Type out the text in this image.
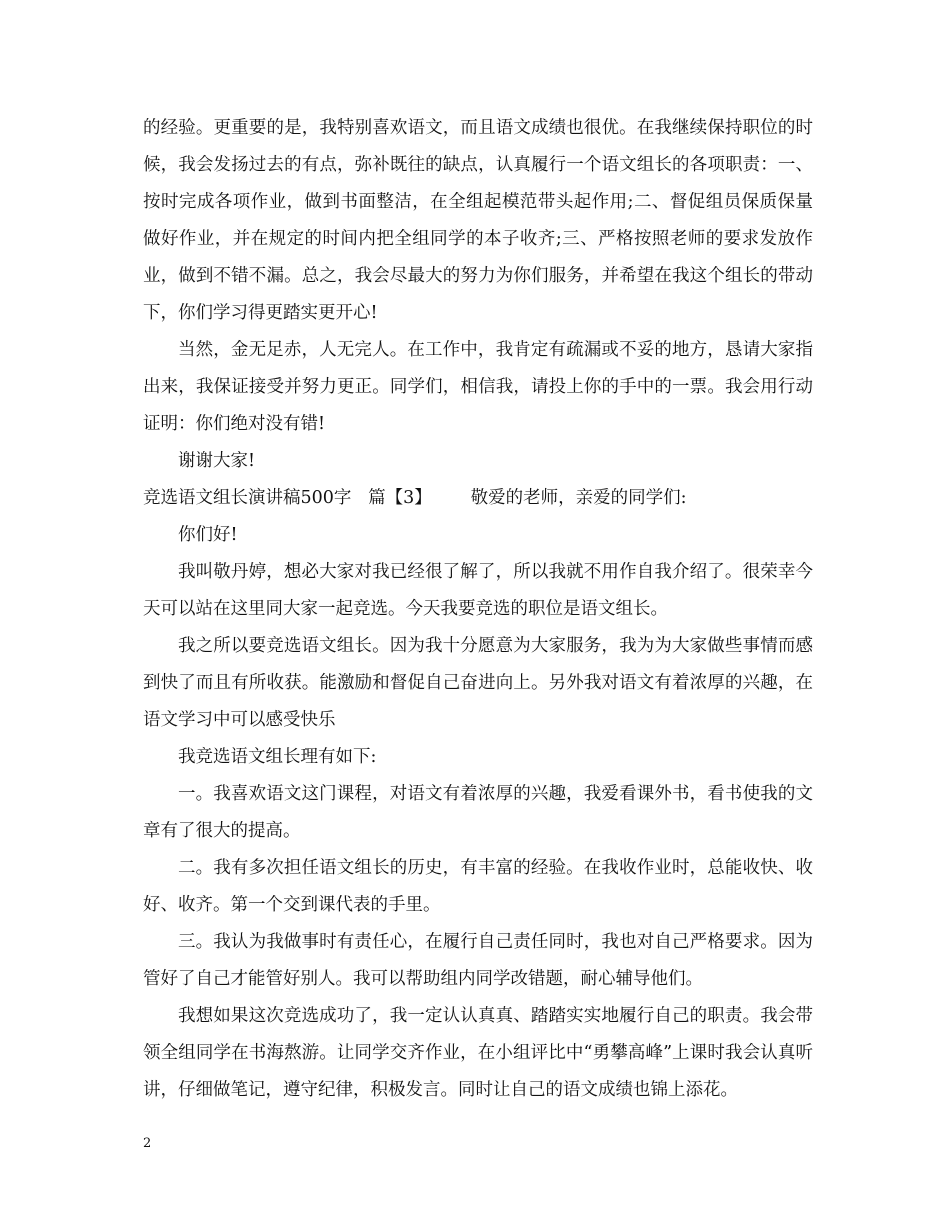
的经验。更重要的是，我特别喜欢语文，而且语文成绩也很优。在我继续保持职位的时候，我会发扬过去的有点，弥补既往的缺点，认真履行一个语文组长的各项职责：一、按时完成各项作业，做到书面整洁，在全组起模范带头起作用;二、督促组员保质保量做好作业，并在规定的时间内把全组同学的本子收齐;三、严格按照老师的要求发放作业，做到不错不漏。总之，我会尽最大的努力为你们服务，并希望在我这个组长的带动下，你们学习得更踏实更开心!

当然，金无足赤，人无完人。在工作中，我肯定有疏漏或不妥的地方，恳请大家指出来，我保证接受并努力更正。同学们，相信我，请投上你的手中的一票。我会用行动证明：你们绝对没有错!

谢谢大家!

竞选语文组长演讲稿500字   篇【3】       敬爱的老师，亲爱的同学们:

你们好!

我叫敬丹婷，想必大家对我已经很了解了，所以我就不用作自我介绍了。很荣幸今天可以站在这里同大家一起竞选。今天我要竞选的职位是语文组长。

我之所以要竞选语文组长。因为我十分愿意为大家服务，我为为大家做些事情而感到快了而且有所收获。能激励和督促自己奋进向上。另外我对语文有着浓厚的兴趣，在语文学习中可以感受快乐

我竞选语文组长理有如下:

一。我喜欢语文这门课程，对语文有着浓厚的兴趣，我爱看课外书，看书使我的文章有了很大的提高。

二。我有多次担任语文组长的历史，有丰富的经验。在我收作业时，总能收快、收好、收齐。第一个交到课代表的手里。

三。我认为我做事时有责任心，在履行自己责任同时，我也对自己严格要求。因为管好了自己才能管好别人。我可以帮助组内同学改错题，耐心辅导他们。

我想如果这次竞选成功了，我一定认认真真、踏踏实实地履行自己的职责。我会带领全组同学在书海熬游。让同学交齐作业，在小组评比中“勇攀高峰”上课时我会认真听讲，仔细做笔记，遵守纪律，积极发言。同时让自己的语文成绩也锦上添花。

2
